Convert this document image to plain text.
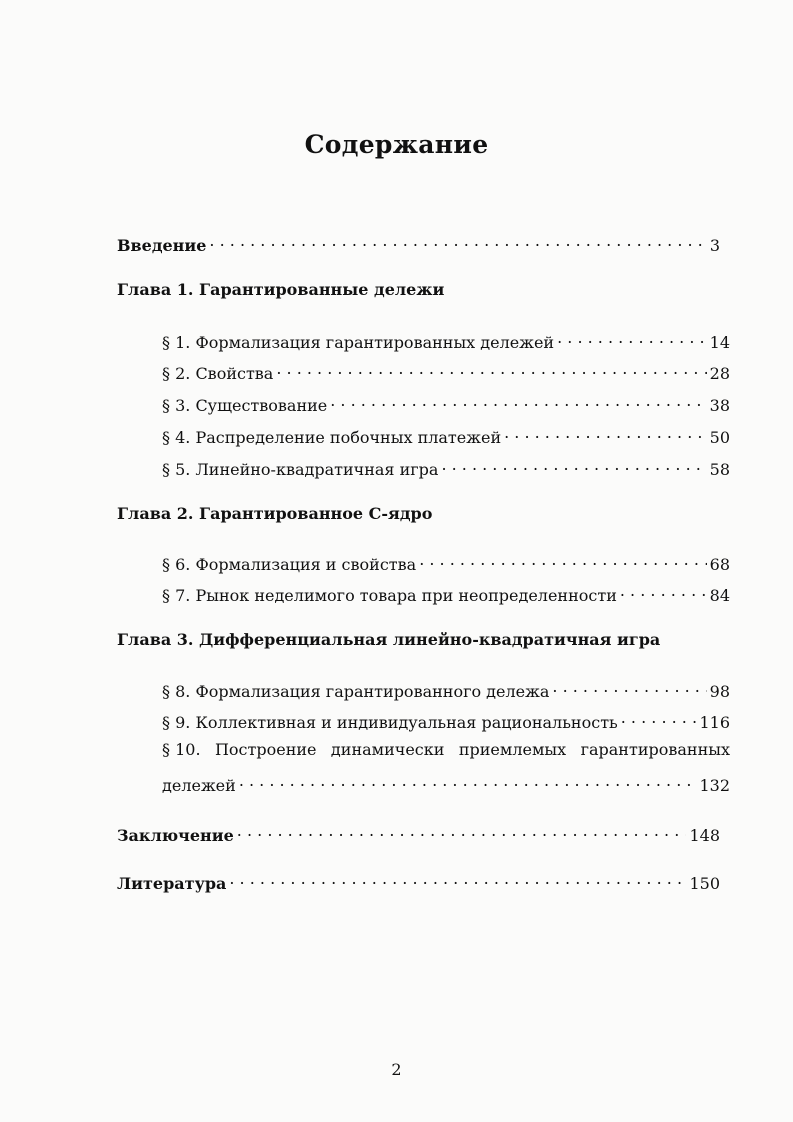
Содержание
Введение . . .	3
Глава 1. Гарантированные дележи
§ 1. Формализация гарантированных дележей . . .	14
§ 2. Свойства . . .	28
§ 3. Существование . . .	38
§ 4. Распределение побочных платежей . . .	50
§ 5. Линейно-квадратичная игра . . .	58
Глава 2. Гарантированное С-ядро
§ 6. Формализация и свойства . . .	68
§ 7. Рынок неделимого товара при неопределенности . . .	84
Глава 3. Дифференциальная линейно-квадратичная игра
§ 8. Формализация гарантированного дележа . . .	98
§ 9. Коллективная и индивидуальная рациональность . . .	116
§ 10. Построение динамически приемлемых гарантированных
дележей . . .	132
Заключение . . .	148
Литература . . .	150
2
